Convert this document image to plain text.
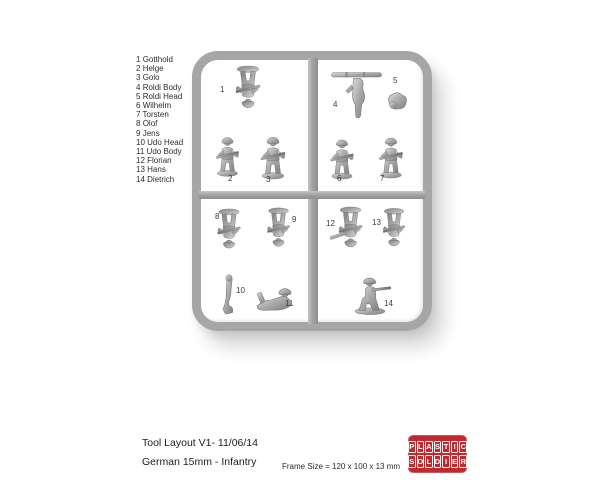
1 Gotthold
2 Helge
3 Golo
4 Roldi Body
5 Roldi Head
6 Wilhelm
7 Torsten
8 Olof
9 Jens
10 Udo Head
11 Udo Body
12 Florian
13 Hans
14 Dietrich
1
2	3
4
5
6	7
8	9
10
11
12	13
14
Tool Layout V1- 11/06/14
German 15mm - Infantry	Frame Size = 120 x 100 x 13 mm
P L A S T I C
S O L D I E R
